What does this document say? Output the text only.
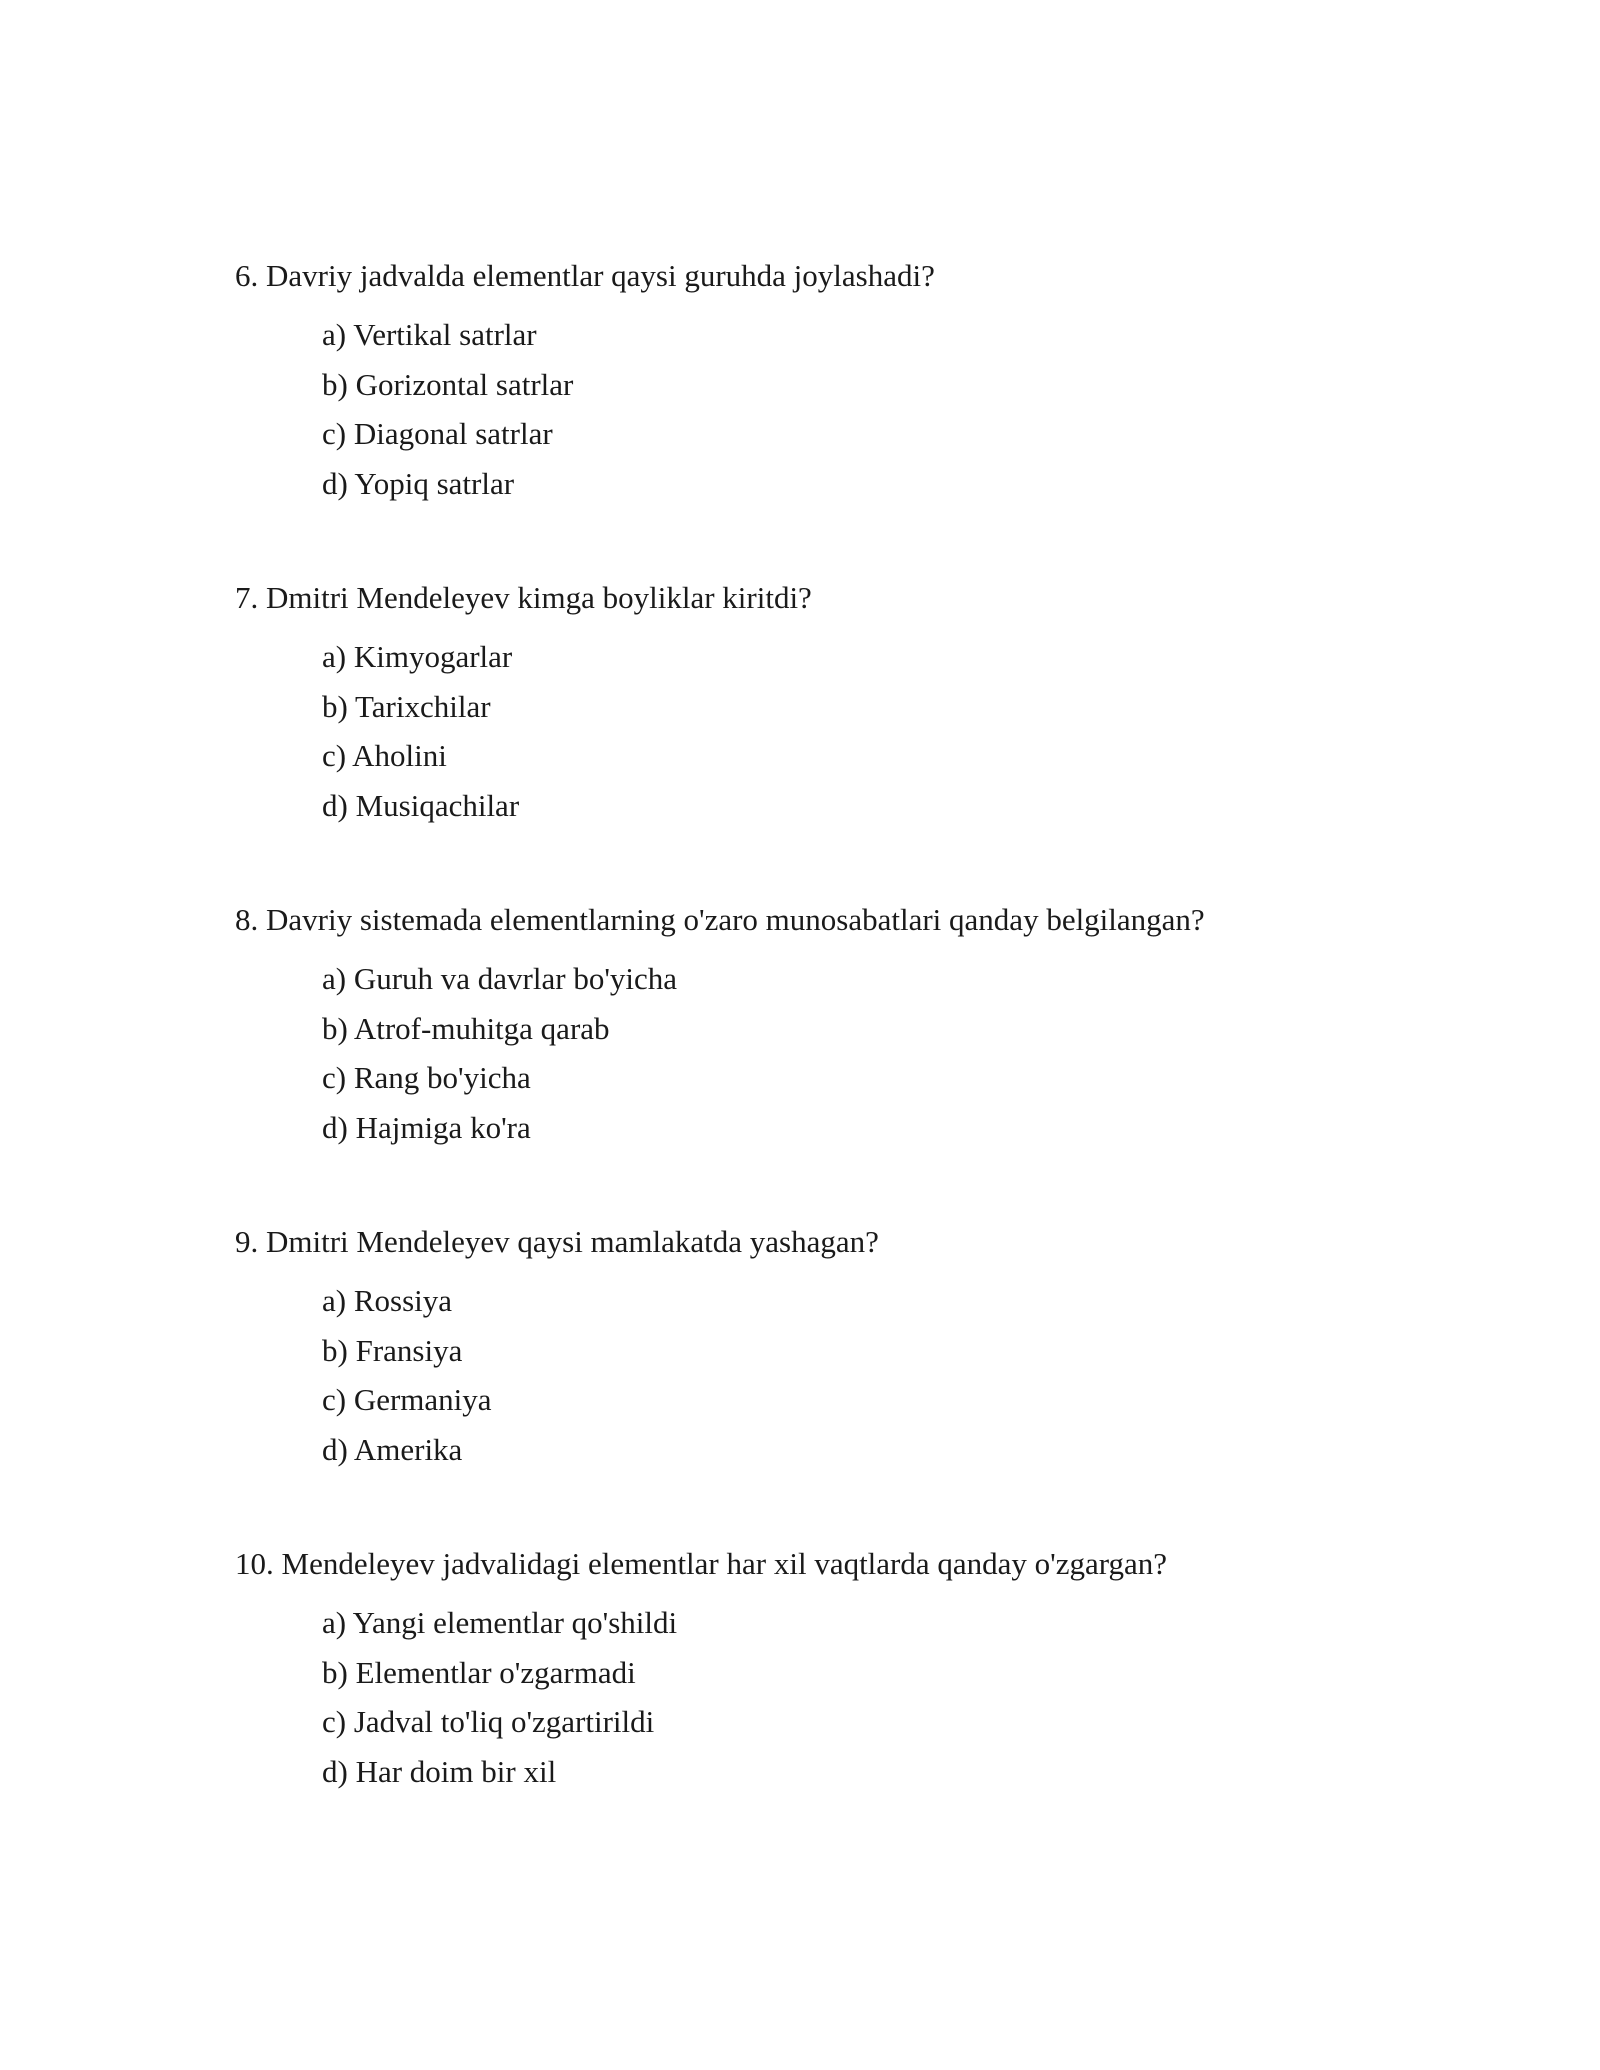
6. Davriy jadvalda elementlar qaysi guruhda joylashadi?

a) Vertikal satrlar
b) Gorizontal satrlar
c) Diagonal satrlar
d) Yopiq satrlar

7. Dmitri Mendeleyev kimga boyliklar kiritdi?

a) Kimyogarlar
b) Tarixchilar
c) Aholini
d) Musiqachilar

8. Davriy sistemada elementlarning o'zaro munosabatlari qanday belgilangan?

a) Guruh va davrlar bo'yicha
b) Atrof-muhitga qarab
c) Rang bo'yicha
d) Hajmiga ko'ra

9. Dmitri Mendeleyev qaysi mamlakatda yashagan?

a) Rossiya
b) Fransiya
c) Germaniya
d) Amerika

10. Mendeleyev jadvalidagi elementlar har xil vaqtlarda qanday o'zgargan?

a) Yangi elementlar qo'shildi
b) Elementlar o'zgarmadi
c) Jadval to'liq o'zgartirildi
d) Har doim bir xil
